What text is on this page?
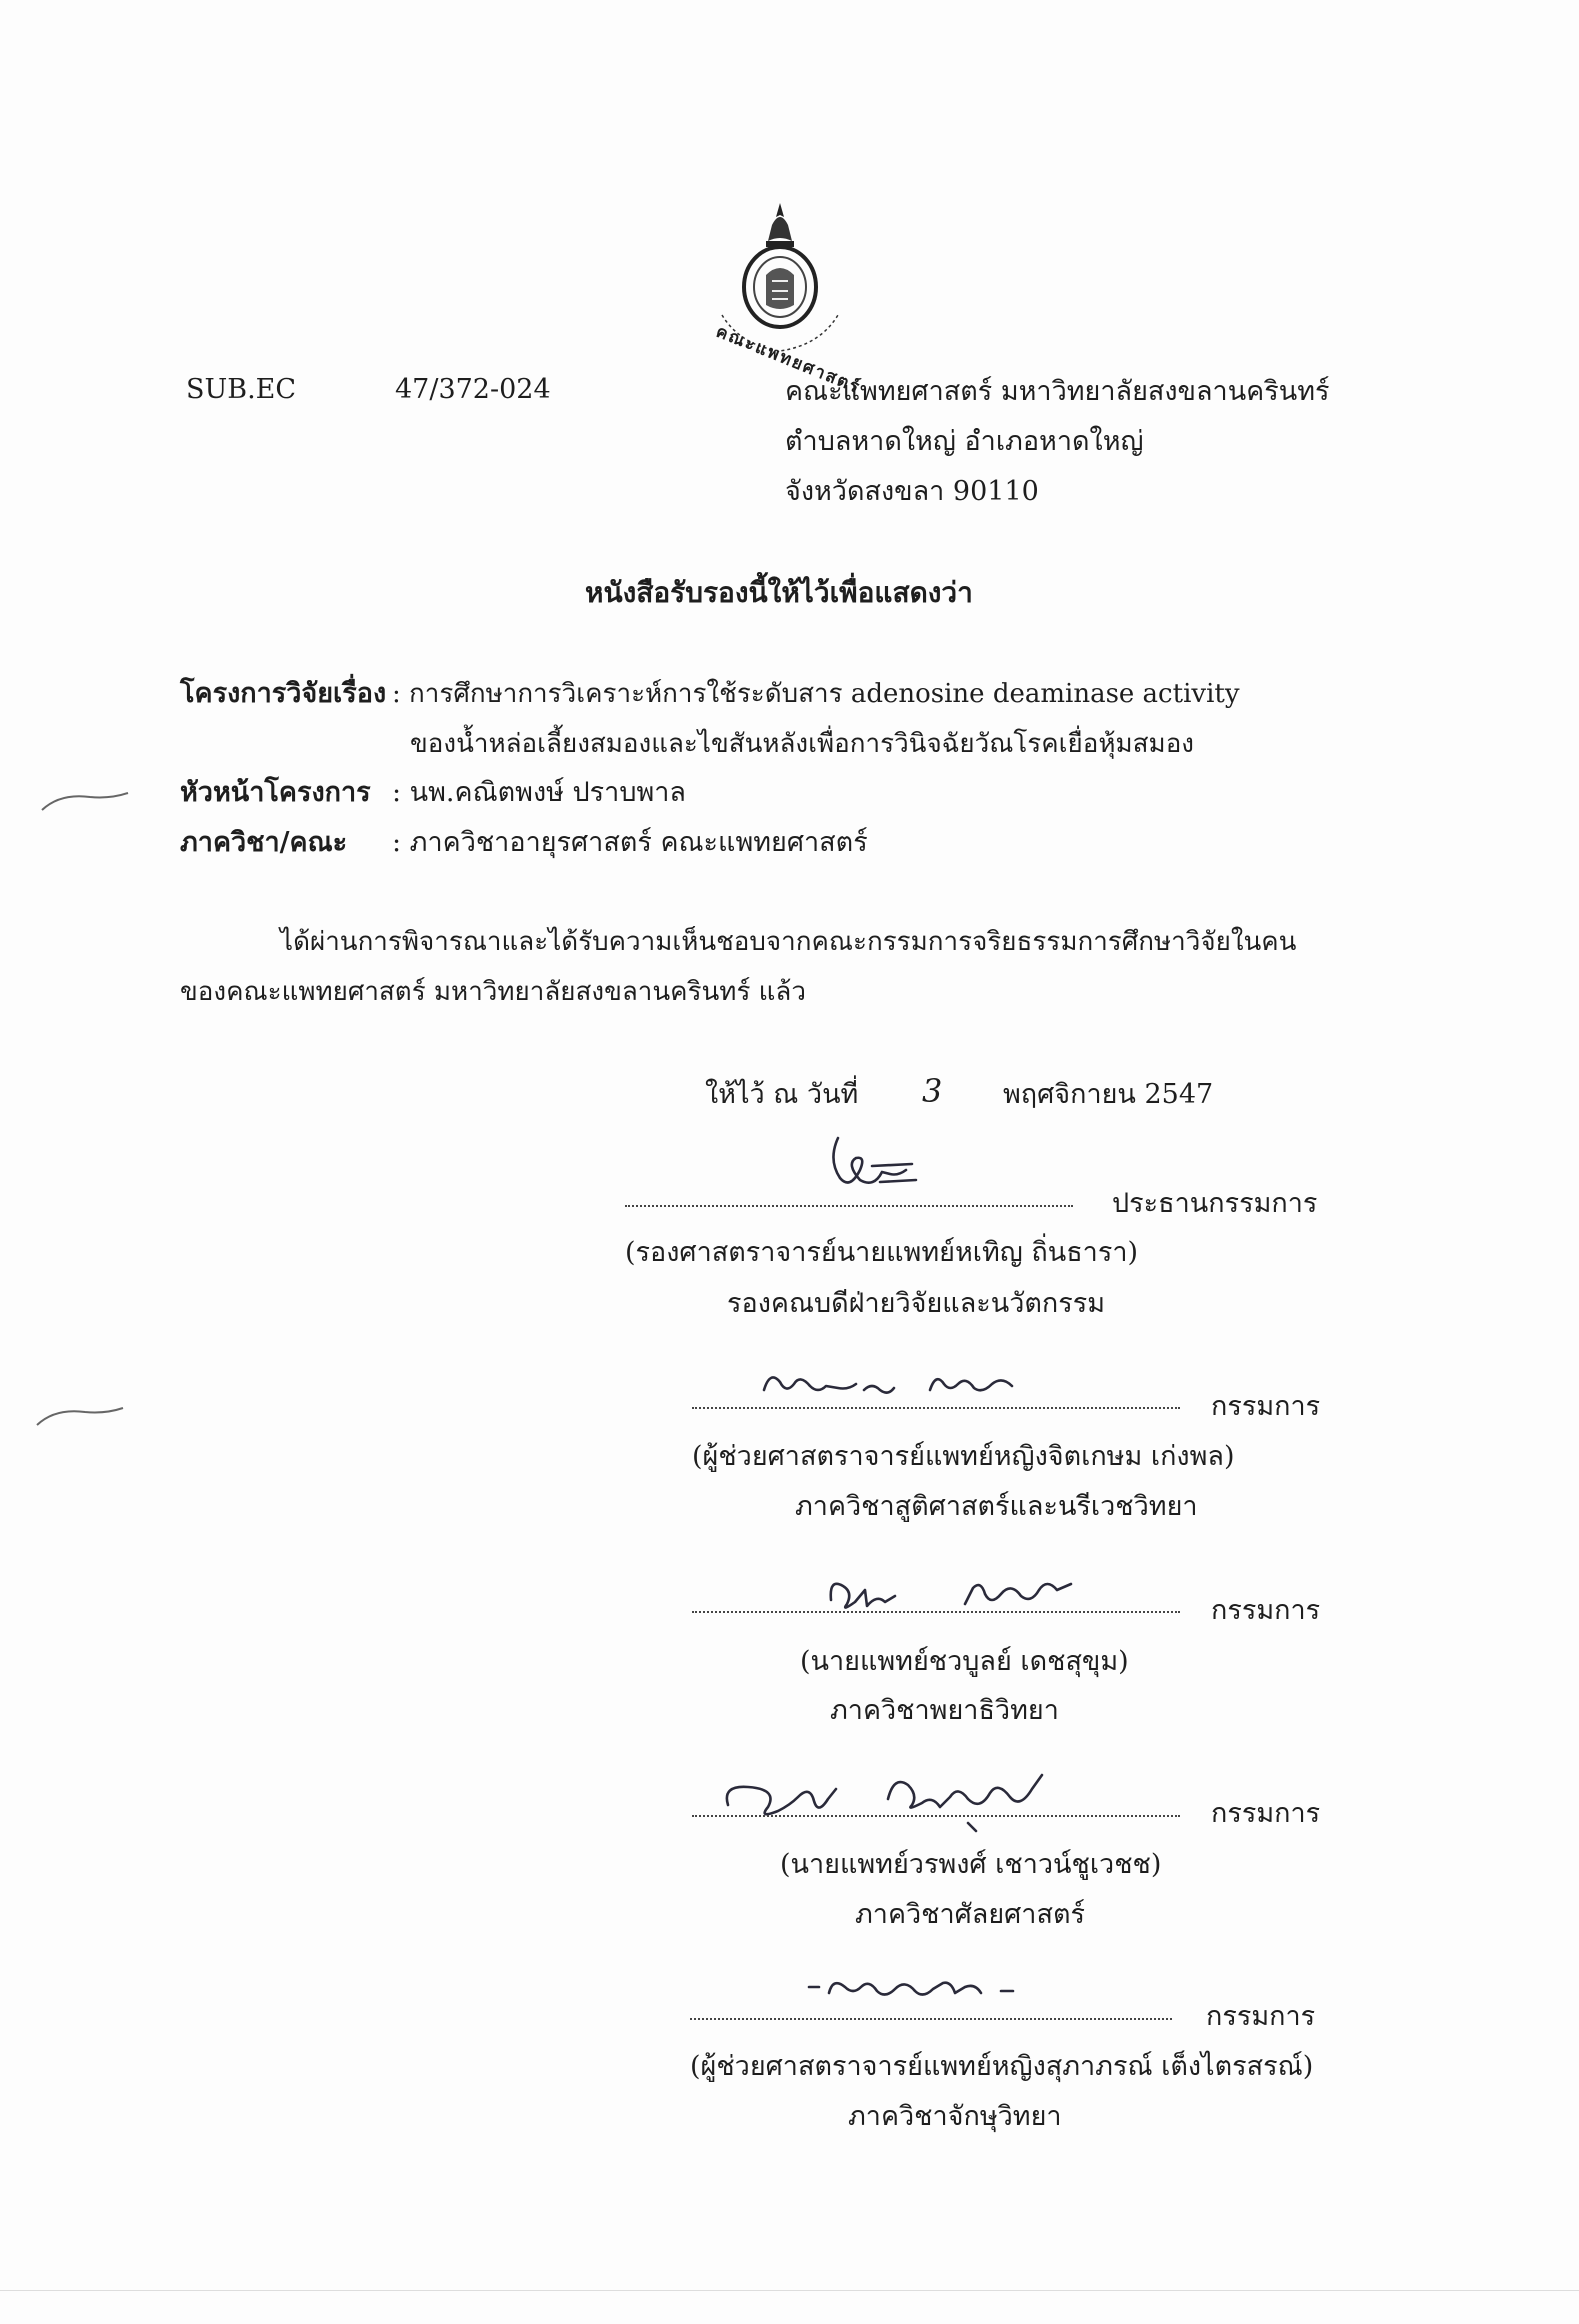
คณะแพทยศาสตร์
SUB.EC	47/372-024	คณะแพทยศาสตร์ มหาวิทยาลัยสงขลานครินทร์
ตำบลหาดใหญ่ อำเภอหาดใหญ่
จังหวัดสงขลา 90110
หนังสือรับรองนี้ให้ไว้เพื่อแสดงว่า
โครงการวิจัยเรื่อง : การศึกษาการวิเคราะห์การใช้ระดับสาร adenosine deaminase activity
ของน้ำหล่อเลี้ยงสมองและไขสันหลังเพื่อการวินิจฉัยวัณโรคเยื่อหุ้มสมอง
หัวหน้าโครงการ : นพ.คณิตพงษ์ ปราบพาล
ภาควิชา/คณะ : ภาควิชาอายุรศาสตร์ คณะแพทยศาสตร์
ได้ผ่านการพิจารณาและได้รับความเห็นชอบจากคณะกรรมการจริยธรรมการศึกษาวิจัยในคน
ของคณะแพทยศาสตร์ มหาวิทยาลัยสงขลานครินทร์ แล้ว
ให้ไว้ ณ วันที่ 3 พฤศจิกายน 2547
ประธานกรรมการ
(รองศาสตราจารย์นายแพทย์หเทิญ ถิ่นธารา)
รองคณบดีฝ่ายวิจัยและนวัตกรรม
กรรมการ
(ผู้ช่วยศาสตราจารย์แพทย์หญิงจิตเกษม เก่งพล)
ภาควิชาสูติศาสตร์และนรีเวชวิทยา
กรรมการ
(นายแพทย์ชวบูลย์ เดชสุขุม)
ภาควิชาพยาธิวิทยา
กรรมการ
(นายแพทย์วรพงศ์ เชาวน์ชูเวชช)
ภาควิชาศัลยศาสตร์
กรรมการ
(ผู้ช่วยศาสตราจารย์แพทย์หญิงสุภาภรณ์ เต็งไตรสรณ์)
ภาควิชาจักษุวิทยา
